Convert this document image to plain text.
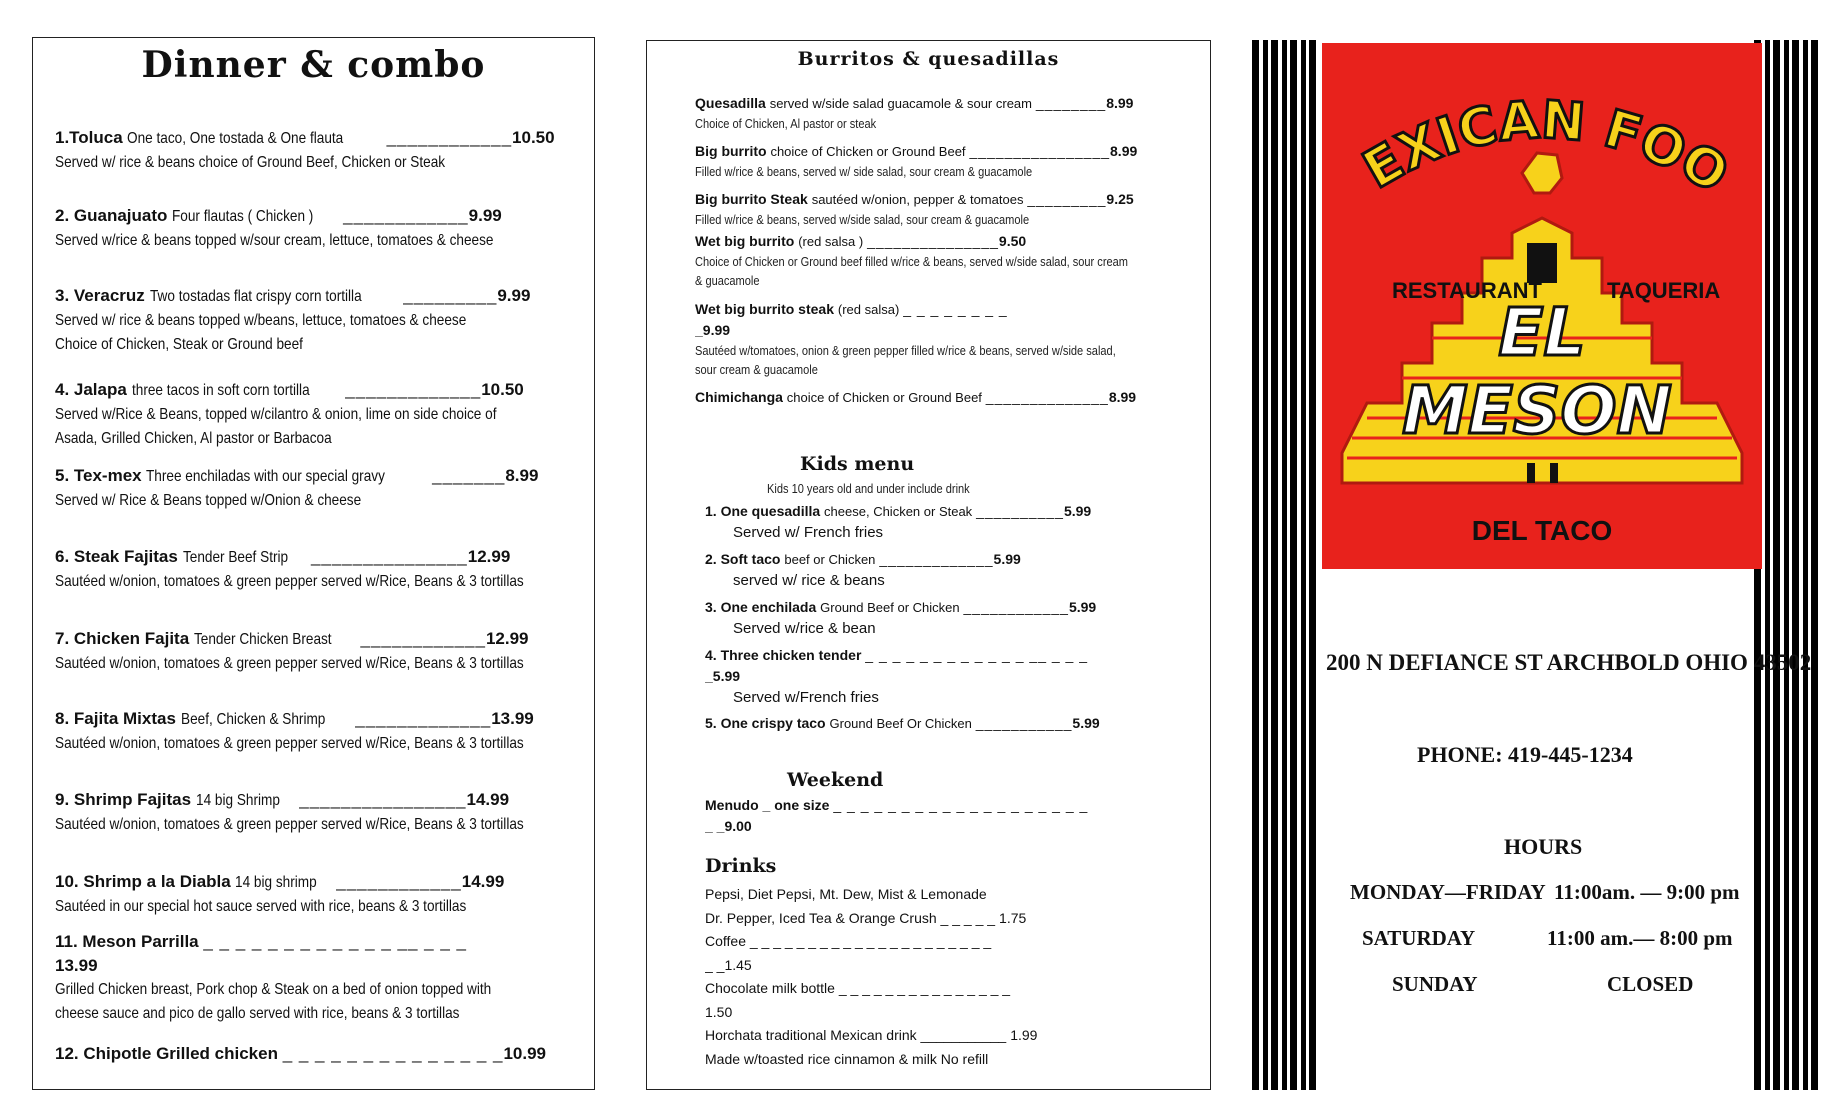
Dinner & combo
1.Toluca One taco, One tostada & One flauta	____________10.50
Served w/ rice & beans choice of Ground Beef, Chicken or Steak
2. Guanajuato Four flautas ( Chicken ) ____________9.99
Served w/rice & beans topped w/sour cream, lettuce, tomatoes & cheese
3. Veracruz Two tostadas flat crispy corn tortilla _________9.99
Served w/ rice & beans topped w/beans, lettuce, tomatoes & cheese
Choice of Chicken, Steak or Ground beef
4. Jalapa three tacos in soft corn tortilla _____________10.50
Served w/Rice & Beans, topped w/cilantro & onion, lime on side choice of
Asada, Grilled Chicken, Al pastor or Barbacoa
5. Tex-mex Three enchiladas with our special gravy	_______8.99
Served w/ Rice & Beans topped w/Onion & cheese
6. Steak Fajitas Tender Beef Strip _______________12.99
Sautéed w/onion, tomatoes & green pepper served w/Rice, Beans & 3 tortillas
7. Chicken Fajita Tender Chicken Breast ____________12.99
Sautéed w/onion, tomatoes & green pepper served w/Rice, Beans & 3 tortillas
8. Fajita Mixtas Beef, Chicken & Shrimp _____________13.99
Sautéed w/onion, tomatoes & green pepper served w/Rice, Beans & 3 tortillas
9. Shrimp Fajitas 14 big Shrimp ________________14.99
Sautéed w/onion, tomatoes & green pepper served w/Rice, Beans & 3 tortillas
10. Shrimp a la Diabla 14 big shrimp ____________14.99
Sautéed in our special hot sauce served with rice, beans & 3 tortillas
11. Meson Parrilla _ _ _ _ _ _ _ _ _ _ _ _ __ _ _ _
13.99
Grilled Chicken breast, Pork chop & Steak on a bed of onion topped with
cheese sauce and pico de gallo served with rice, beans & 3 tortillas
12. Chipotle Grilled chicken _ _ _ _ _ _ _ _ _ _ _ _ _ _10.99
Burritos & quesadillas
Quesadilla served w/side salad guacamole & sour cream ________8.99
Choice of Chicken, Al pastor or steak
Big burrito choice of Chicken or Ground Beef ________________8.99
Filled w/rice & beans, served w/ side salad, sour cream & guacamole
Big burrito Steak sautéed w/onion, pepper & tomatoes _________9.25
Filled w/rice & beans, served w/side salad, sour cream & guacamole
Wet big burrito (red salsa ) _______________9.50
Choice of Chicken or Ground beef filled w/rice & beans, served w/side salad, sour cream
& guacamole
Wet big burrito steak (red salsa) _ _ _ _ _ _ _ _
_9.99
Sautéed w/tomatoes, onion & green pepper filled w/rice & beans, served w/side salad,
sour cream & guacamole
Chimichanga choice of Chicken or Ground Beef ______________8.99
Kids menu
Kids 10 years old and under include drink
1. One quesadilla cheese, Chicken or Steak __________5.99
Served w/ French fries
2. Soft taco beef or Chicken _____________5.99
served w/ rice & beans
3. One enchilada Ground Beef or Chicken ____________5.99
Served w/rice & bean
4. Three chicken tender _ _ _ _ _ _ _ _ _ _ _ _ __ _ _ _
_5.99
Served w/French fries
5. One crispy taco Ground Beef Or Chicken ___________5.99
Weekend
Menudo _ one size _ _ _ _ _ _ _ _ _ _ _ _ _ _ _ _ _ _ _
_ _9.00
Drinks
Pepsi, Diet Pepsi, Mt. Dew, Mist & Lemonade
Dr. Pepper, Iced Tea & Orange Crush _ _ _ _ _ 1.75
Coffee _ _ _ _ _ _ _ _ _ _ _ _ _ _ _ _ _ _ _ _ _
_ _1.45
Chocolate milk bottle _ _ _ _ _ _ _ _ _ _ _ _ _ _ _
1.50
Horchata traditional Mexican drink ___________ 1.99
Made w/toasted rice cinnamon & milk No refill
EXICAN FOO
RESTAURANT	TAQUERIA
EL
MESON
DEL TACO
200 N DEFIANCE ST ARCHBOLD OHIO 43502
PHONE: 419-445-1234
HOURS
MONDAY—FRIDAY 11:00am. — 9:00 pm
SATURDAY	11:00 am.— 8:00 pm
SUNDAY	CLOSED
